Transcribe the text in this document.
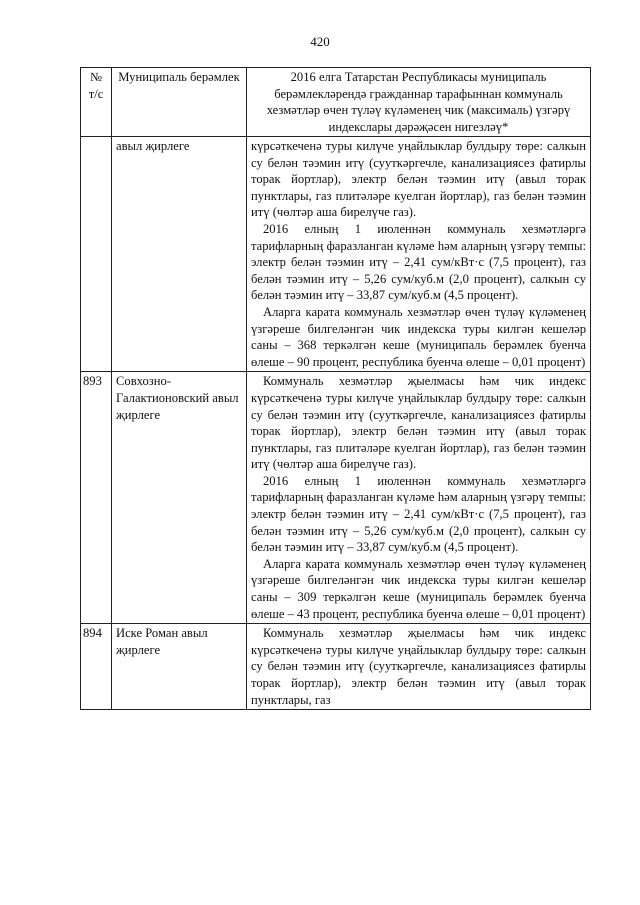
420
№ т/с	Муниципаль берәмлек	2016 елга Татарстан Республикасы муниципаль берәмлекләрендә гражданнар тарафыннан коммуналь хезмәтләр өчен түләү күләменең чик (максималь) үзгәрү индекслары дәрәҗәсен нигезләү*
	авыл җирлеге	күрсәткеченә туры килүче уңайлыклар булдыру төре: салкын су белән тәэмин итү (сууткәргечле, канализациясез фатирлы торак йортлар), электр белән тәэмин итү (авыл торак пунктлары, газ плитәләре куелган йортлар), газ белән тәэмин итү (чөлтәр аша бирелүче газ).

2016 елның 1 июленнән коммуналь хезмәтләргә тарифларның фаразланган күләме һәм аларның үзгәрү темпы: электр белән тәэмин итү – 2,41 сум/кВт·с (7,5 процент), газ белән тәэмин итү – 5,26 сум/куб.м (2,0 процент), салкын су белән тәэмин итү – 33,87 сум/куб.м (4,5 процент).

Аларга карата коммуналь хезмәтләр өчен түләү күләменең үзгәреше билгеләнгән чик индекска туры килгән кешеләр саны – 368 теркәлгән кеше (муниципаль берәмлек буенча өлеше – 90 процент, республика буенча өлеше – 0,01 процент)

893	Совхозно-Галактионовский авыл җирлеге	Коммуналь хезмәтләр җыелмасы һәм чик индекс күрсәткеченә туры килүче уңайлыклар булдыру төре: салкын су белән тәэмин итү (сууткәргечле, канализациясез фатирлы торак йортлар), электр белән тәэмин итү (авыл торак пунктлары, газ плитәләре куелган йортлар), газ белән тәэмин итү (чөлтәр аша бирелүче газ).

2016 елның 1 июленнән коммуналь хезмәтләргә тарифларның фаразланган күләме һәм аларның үзгәрү темпы: электр белән тәэмин итү – 2,41 сум/кВт·с (7,5 процент), газ белән тәэмин итү – 5,26 сум/куб.м (2,0 процент), салкын су белән тәэмин итү – 33,87 сум/куб.м (4,5 процент).

Аларга карата коммуналь хезмәтләр өчен түләү күләменең үзгәреше билгеләнгән чик индекска туры килгән кешеләр саны – 309 теркәлгән кеше (муниципаль берәмлек буенча өлеше – 43 процент, республика буенча өлеше – 0,01 процент)

894	Иске Роман авыл җирлеге	Коммуналь хезмәтләр җыелмасы һәм чик индекс күрсәткеченә туры килүче уңайлыклар булдыру төре: салкын су белән тәэмин итү (сууткәргечле, канализациясез фатирлы торак йортлар), электр белән тәэмин итү (авыл торак пунктлары, газ
